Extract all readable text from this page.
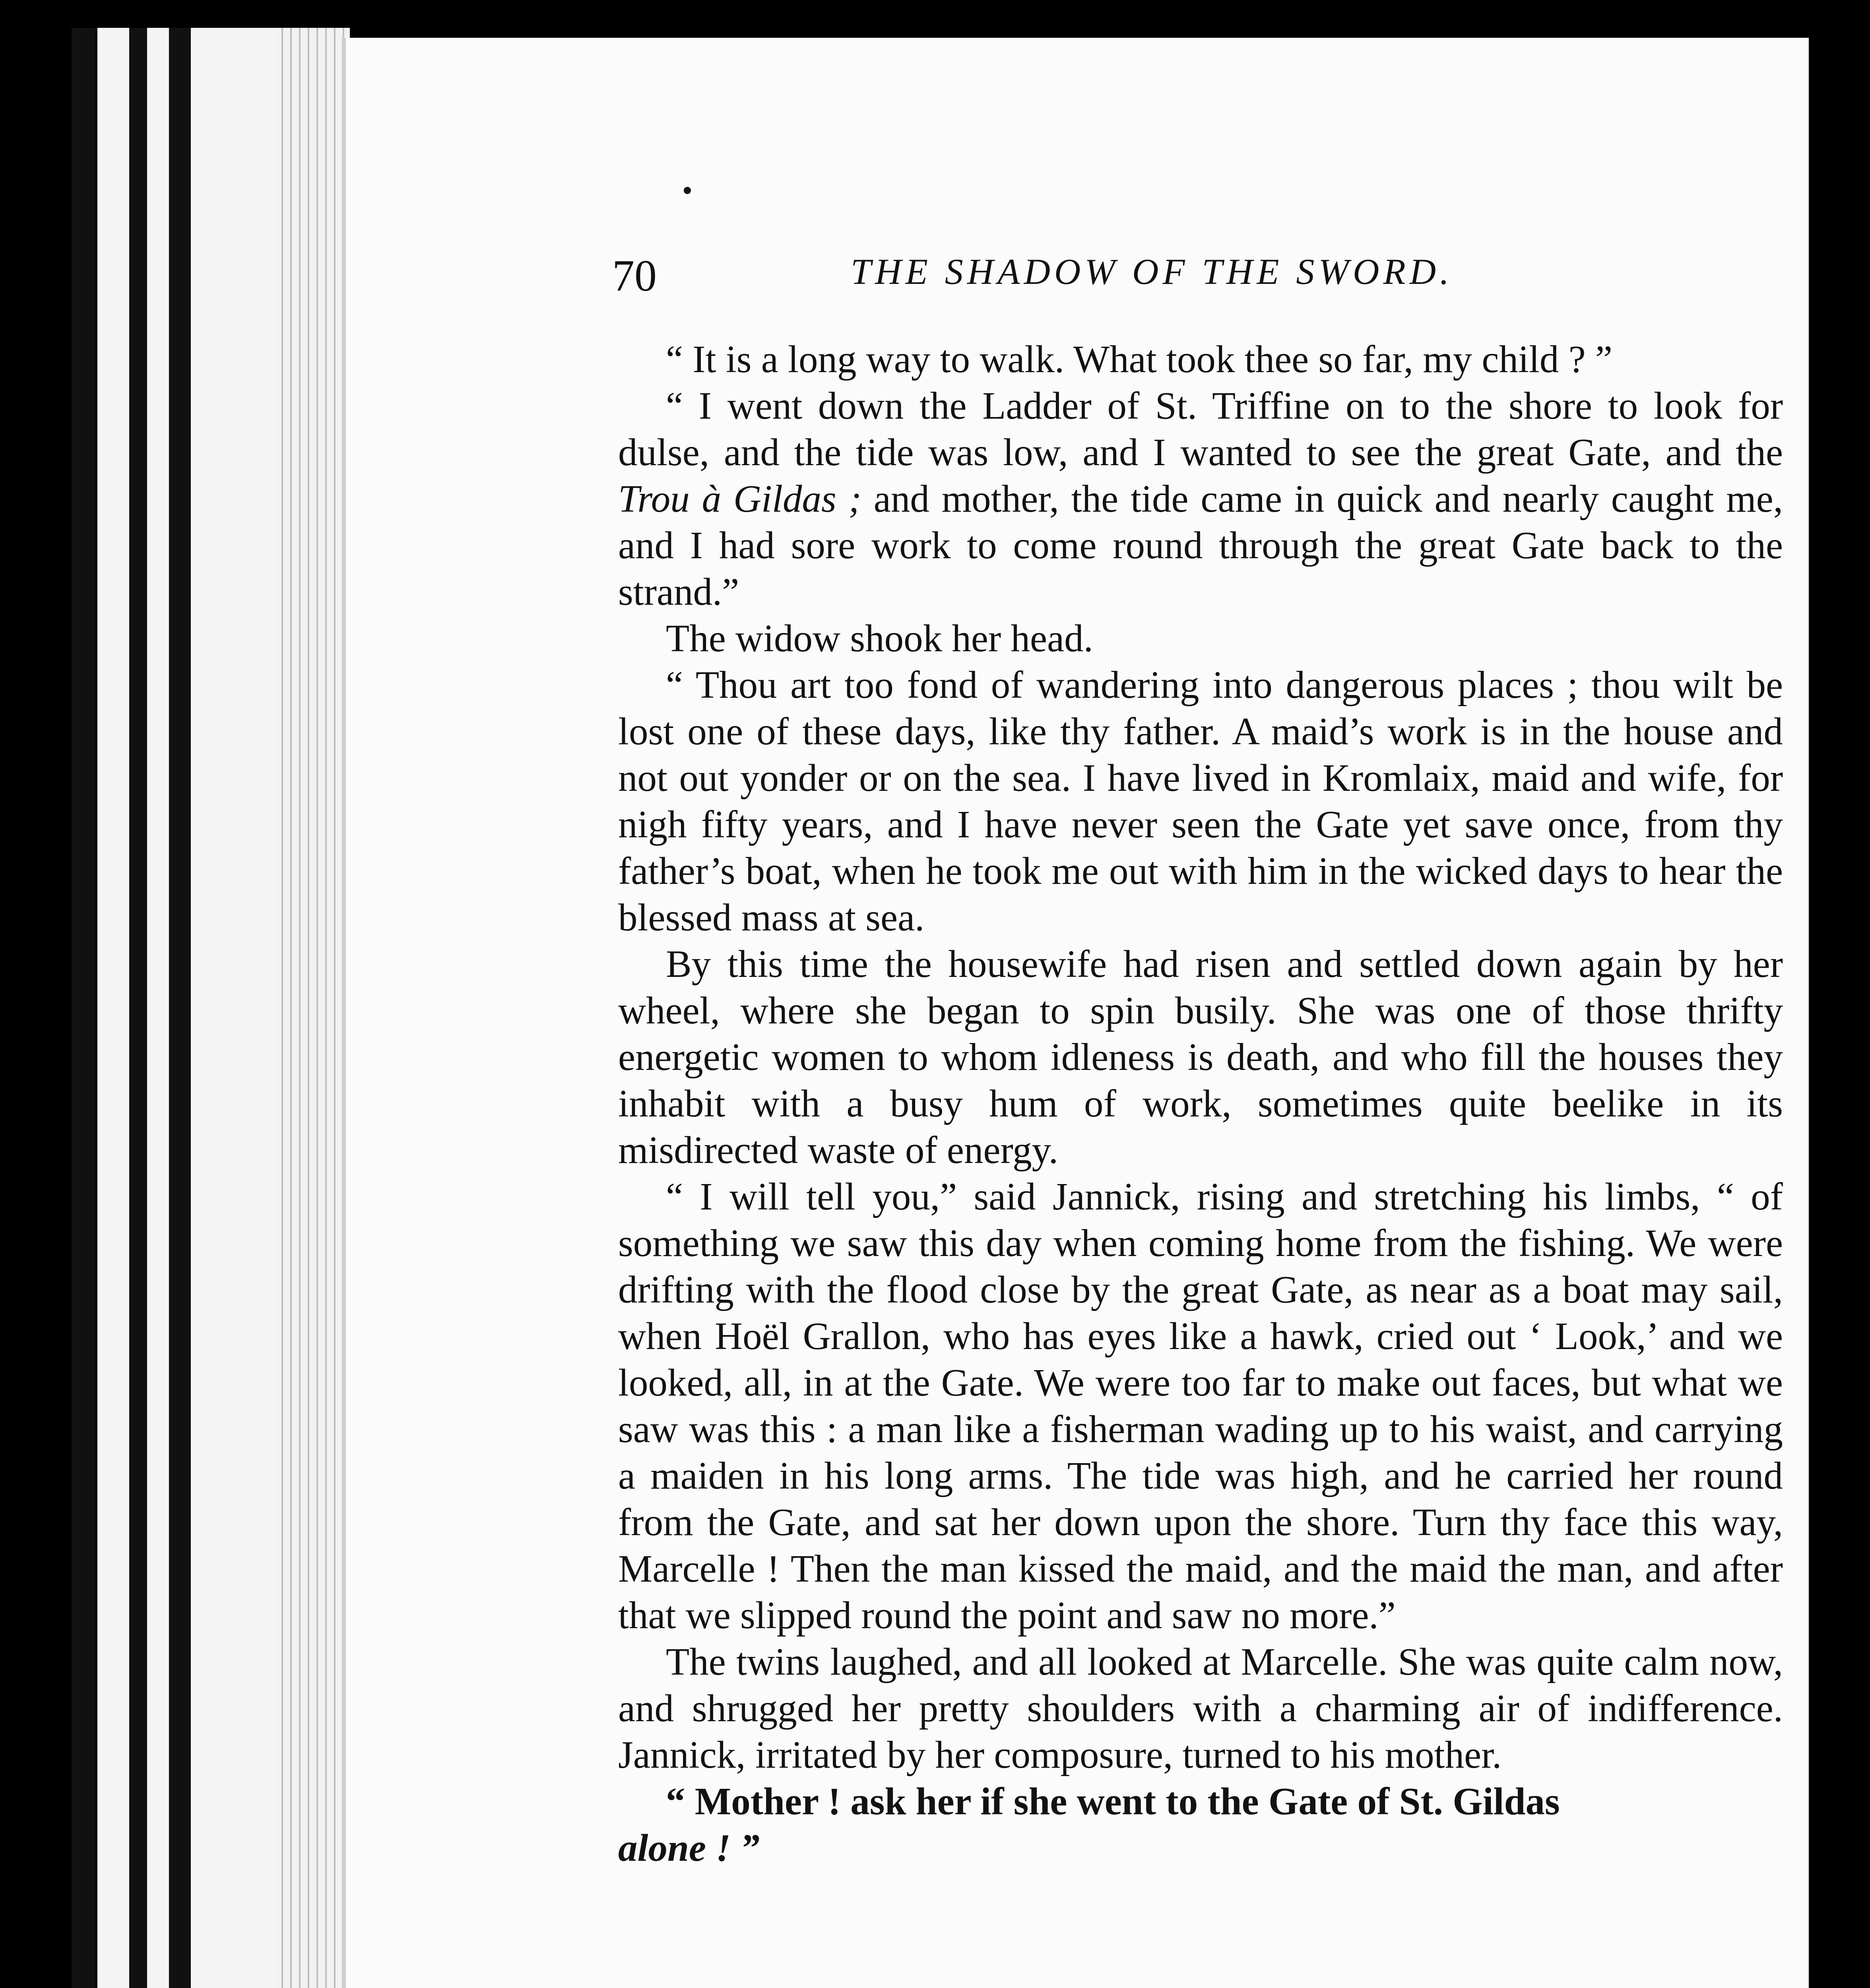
70	THE SHADOW OF THE SWORD.

“ It is a long way to walk. What took thee so far, my child ? ”

“ I went down the Ladder of St. Triffine on to the shore to look for dulse, and the tide was low, and I wanted to see the great Gate, and the Trou à Gildas ; and mother, the tide came in quick and nearly caught me, and I had sore work to come round through the great Gate back to the strand.”

The widow shook her head.

“ Thou art too fond of wandering into dangerous places ; thou wilt be lost one of these days, like thy father. A maid’s work is in the house and not out yonder or on the sea. I have lived in Kromlaix, maid and wife, for nigh fifty years, and I have never seen the Gate yet save once, from thy father’s boat, when he took me out with him in the wicked days to hear the blessed mass at sea.

By this time the housewife had risen and settled down again by her wheel, where she began to spin busily. She was one of those thrifty energetic women to whom idleness is death, and who fill the houses they inhabit with a busy hum of work, sometimes quite beelike in its misdirected waste of energy.

“ I will tell you,” said Jannick, rising and stretching his limbs, “ of something we saw this day when coming home from the fishing. We were drifting with the flood close by the great Gate, as near as a boat may sail, when Hoël Grallon, who has eyes like a hawk, cried out ‘ Look,’ and we looked, all, in at the Gate. We were too far to make out faces, but what we saw was this : a man like a fisherman wading up to his waist, and carrying a maiden in his long arms. The tide was high, and he carried her round from the Gate, and sat her down upon the shore. Turn thy face this way, Marcelle ! Then the man kissed the maid, and the maid the man, and after that we slipped round the point and saw no more.”

The twins laughed, and all looked at Marcelle. She was quite calm now, and shrugged her pretty shoulders with a charming air of indifference. Jannick, irritated by her composure, turned to his mother.

“ Mother ! ask her if she went to the Gate of St. Gildas
alone ! ”
